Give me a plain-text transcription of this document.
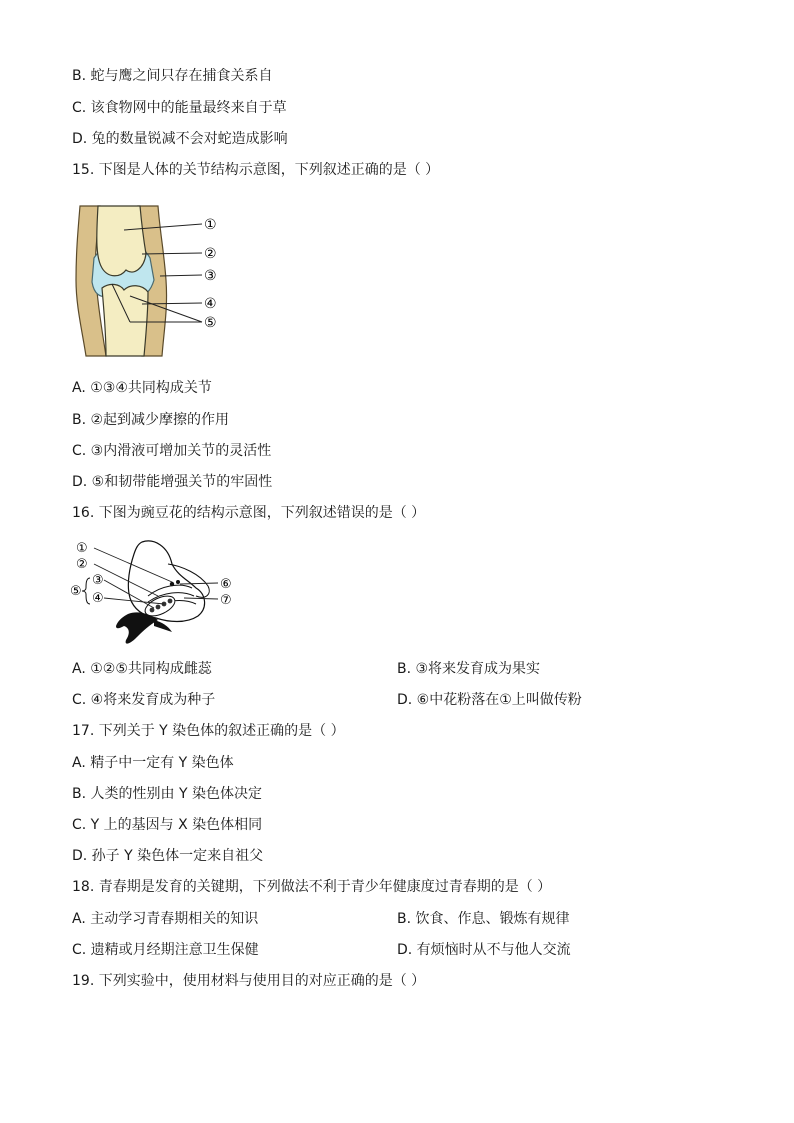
B. 蛇与鹰之间只存在捕食关系自
C. 该食物网中的能量最终来自于草
D. 兔的数量锐减不会对蛇造成影响
15. 下图是人体的关节结构示意图，下列叙述正确的是（ ）
①
②
③
④
⑤
A. ①③④共同构成关节
B. ②起到减少摩擦的作用
C. ③内滑液可增加关节的灵活性
D. ⑤和韧带能增强关节的牢固性
16. 下图为豌豆花的结构示意图，下列叙述错误的是（ ）
①
②
③
④
⑤	⑥
⑦
A. ①②⑤共同构成雌蕊	B. ③将来发育成为果实
C. ④将来发育成为种子	D. ⑥中花粉落在①上叫做传粉
17. 下列关于 Y 染色体的叙述正确的是（ ）
A. 精子中一定有 Y 染色体
B. 人类的性别由 Y 染色体决定
C. Y 上的基因与 X 染色体相同
D. 孙子 Y 染色体一定来自祖父
18. 青春期是发育的关键期，下列做法不利于青少年健康度过青春期的是（ ）
A. 主动学习青春期相关的知识	B. 饮食、作息、锻炼有规律
C. 遗精或月经期注意卫生保健	D. 有烦恼时从不与他人交流
19. 下列实验中，使用材料与使用目的对应正确的是（ ）
